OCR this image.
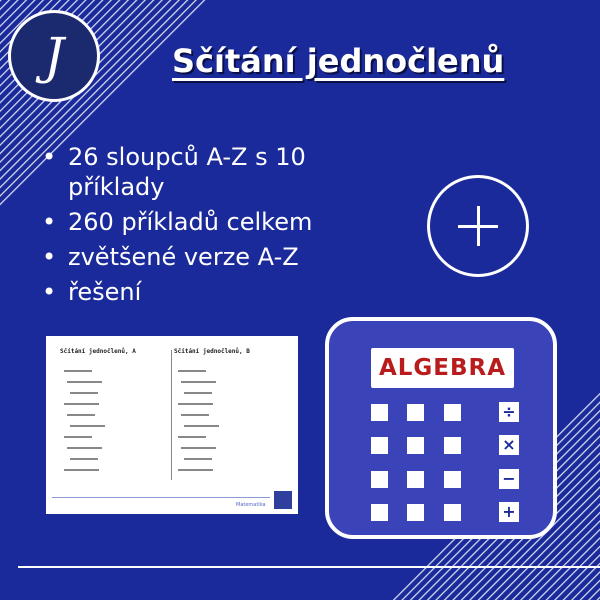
J	Sčítání jednočlenů
• 26 sloupců A-Z s 10 příklady
• 260 příkladů celkem
• zvětšené verze A-Z
• řešení
Sčítání jednočlenů, A	Sčítání jednočlenů, B
Matematika
ALGEBRA
÷
×
−
+
